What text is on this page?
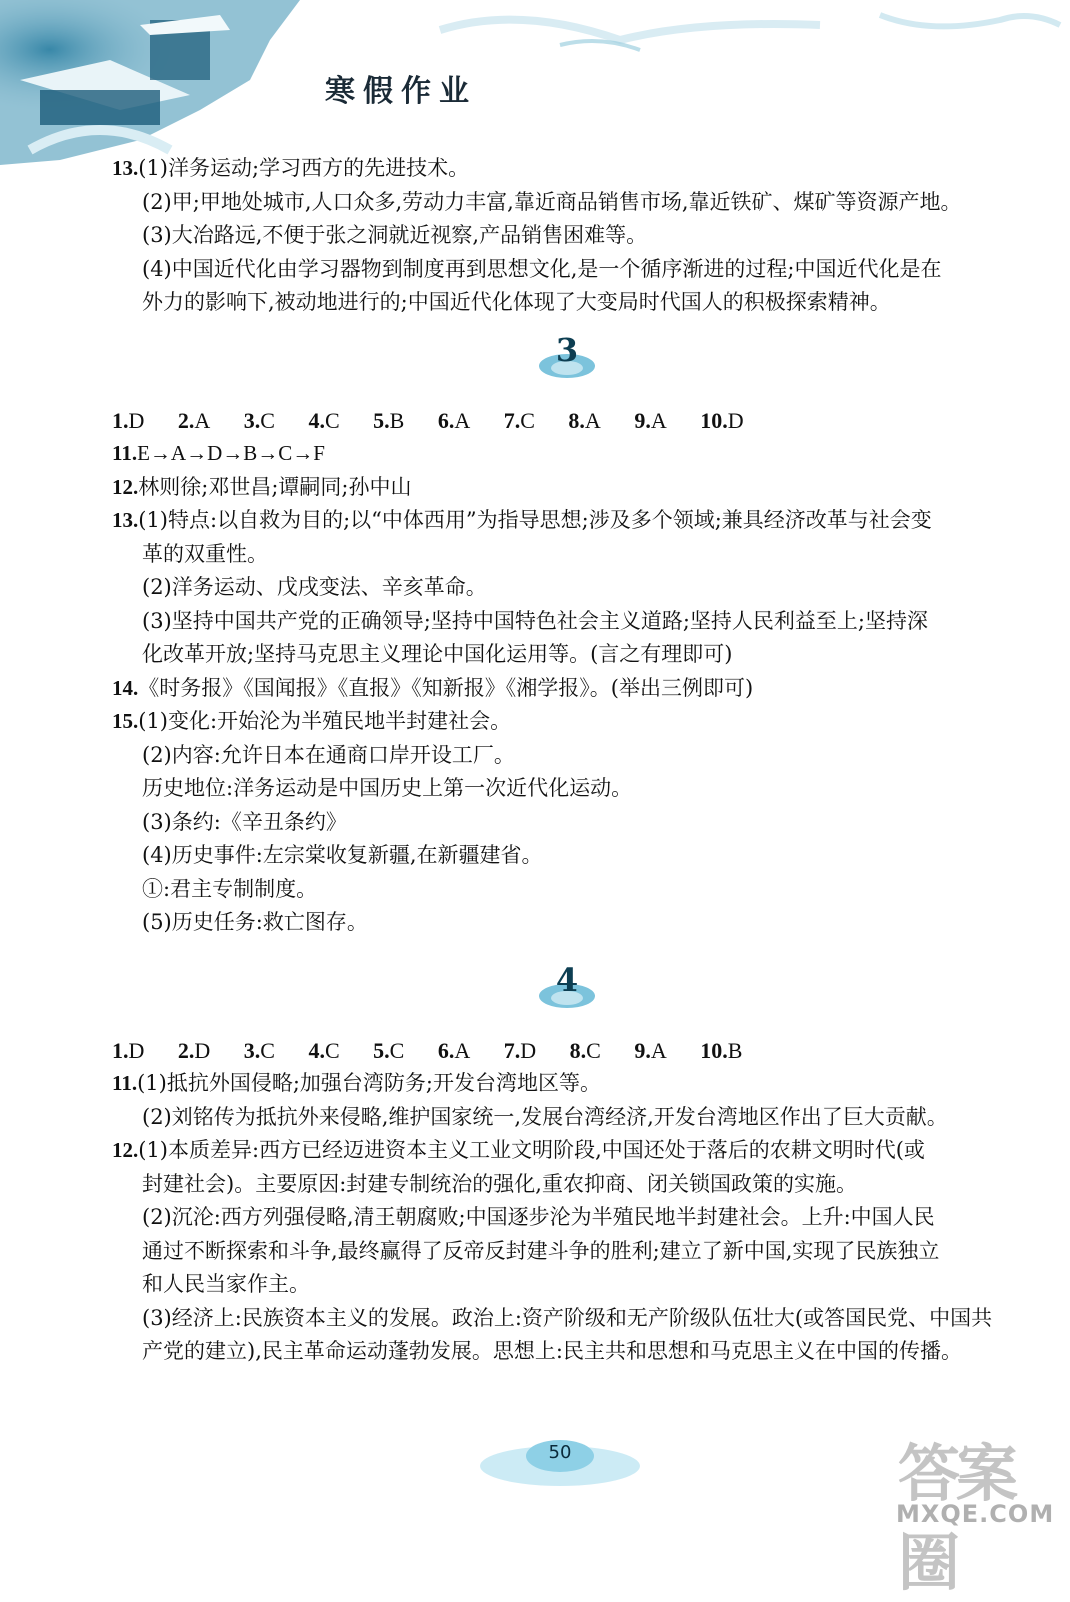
寒假作业
13.(1)洋务运动;学习西方的先进技术。
(2)甲;甲地处城市,人口众多,劳动力丰富,靠近商品销售市场,靠近铁矿、煤矿等资源产地。
(3)大冶路远,不便于张之洞就近视察,产品销售困难等。
(4)中国近代化由学习器物到制度再到思想文化,是一个循序渐进的过程;中国近代化是在
外力的影响下,被动地进行的;中国近代化体现了大变局时代国人的积极探索精神。
3
1.D 2.A 3.C 4.C 5.B 6.A 7.C 8.A 9.A 10.D
11.E→A→D→B→C→F
12.林则徐;邓世昌;谭嗣同;孙中山
13.(1)特点:以自救为目的;以“中体西用”为指导思想;涉及多个领域;兼具经济改革与社会变
革的双重性。
(2)洋务运动、戊戌变法、辛亥革命。
(3)坚持中国共产党的正确领导;坚持中国特色社会主义道路;坚持人民利益至上;坚持深
化改革开放;坚持马克思主义理论中国化运用等。(言之有理即可)
14.《时务报》《国闻报》《直报》《知新报》《湘学报》。(举出三例即可)
15.(1)变化:开始沦为半殖民地半封建社会。
(2)内容:允许日本在通商口岸开设工厂。
历史地位:洋务运动是中国历史上第一次近代化运动。
(3)条约:《辛丑条约》
(4)历史事件:左宗棠收复新疆,在新疆建省。
①:君主专制制度。
(5)历史任务:救亡图存。
4
1.D 2.D 3.C 4.C 5.C 6.A 7.D 8.C 9.A 10.B
11.(1)抵抗外国侵略;加强台湾防务;开发台湾地区等。
(2)刘铭传为抵抗外来侵略,维护国家统一,发展台湾经济,开发台湾地区作出了巨大贡献。
12.(1)本质差异:西方已经迈进资本主义工业文明阶段,中国还处于落后的农耕文明时代(或
封建社会)。主要原因:封建专制统治的强化,重农抑商、闭关锁国政策的实施。
(2)沉沦:西方列强侵略,清王朝腐败;中国逐步沦为半殖民地半封建社会。上升:中国人民
通过不断探索和斗争,最终赢得了反帝反封建斗争的胜利;建立了新中国,实现了民族独立
和人民当家作主。
(3)经济上:民族资本主义的发展。政治上:资产阶级和无产阶级队伍壮大(或答国民党、中国共
产党的建立),民主革命运动蓬勃发展。思想上:民主共和思想和马克思主义在中国的传播。
50	答案圈
MXQE.COM
